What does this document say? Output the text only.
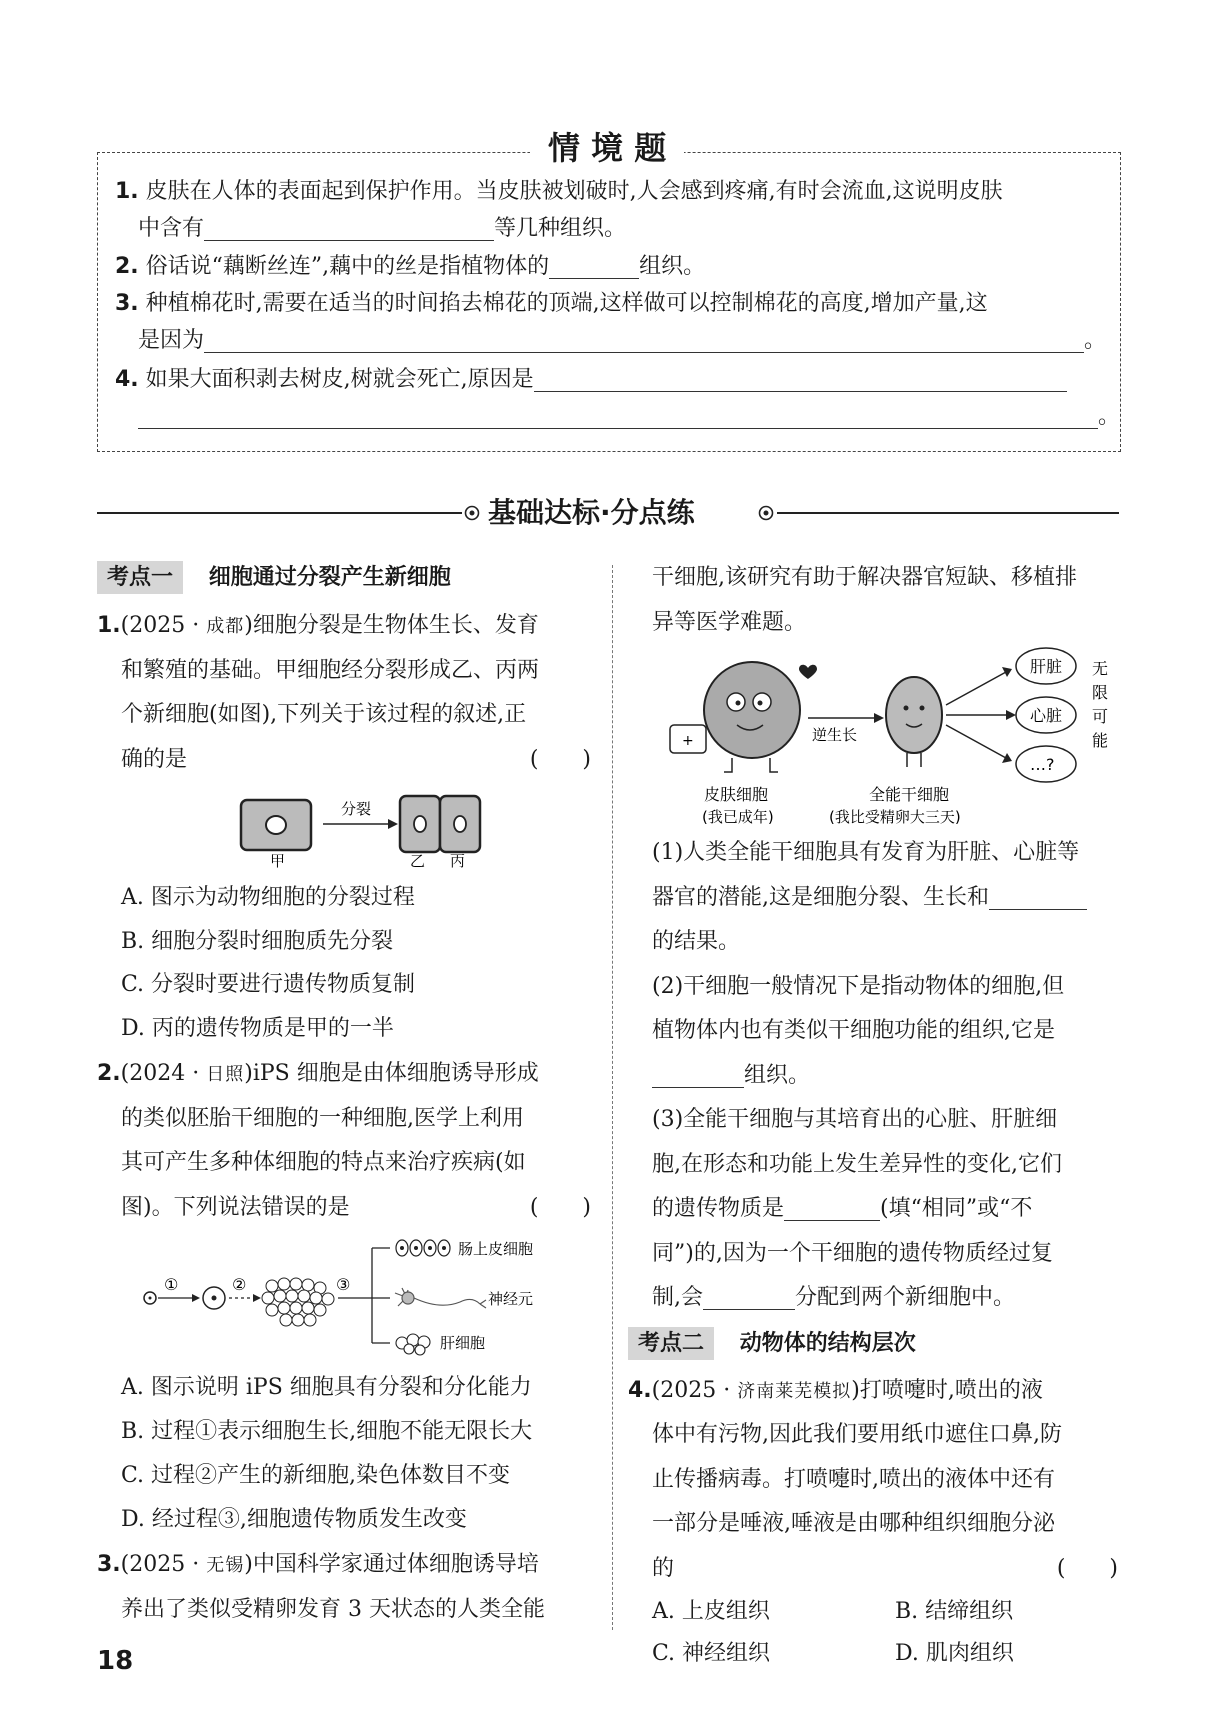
情 境 题
1. 皮肤在人体的表面起到保护作用。当皮肤被划破时,人会感到疼痛,有时会流血,这说明皮肤
中含有	等几种组织。
2. 俗话说“藕断丝连”,藕中的丝是指植物体的	组织。
3. 种植棉花时,需要在适当的时间掐去棉花的顶端,这样做可以控制棉花的高度,增加产量,这
是因为	。
4. 如果大面积剥去树皮,树就会死亡,原因是
。
基础达标·分点练
考点一 细胞通过分裂产生新细胞
1.(2025 · 成都)细胞分裂是生物体生长、发育
和繁殖的基础。甲细胞经分裂形成乙、丙两
个新细胞(如图),下列关于该过程的叙述,正
确的是	(　　)
分裂
甲	乙 丙
A. 图示为动物细胞的分裂过程
B. 细胞分裂时细胞质先分裂
C. 分裂时要进行遗传物质复制
D. 丙的遗传物质是甲的一半
2.(2024 · 日照)iPS 细胞是由体细胞诱导形成
的类似胚胎干细胞的一种细胞,医学上利用
其可产生多种体细胞的特点来治疗疾病(如
图)。下列说法错误的是	(　　)
①	②	③
肠上皮细胞
神经元
肝细胞
A. 图示说明 iPS 细胞具有分裂和分化能力
B. 过程①表示细胞生长,细胞不能无限长大
C. 过程②产生的新细胞,染色体数目不变
D. 经过程③,细胞遗传物质发生改变
3.(2025 · 无锡)中国科学家通过体细胞诱导培
养出了类似受精卵发育 3 天状态的人类全能
干细胞,该研究有助于解决器官短缺、移植排
异等医学难题。
+	逆生长
肝脏
心脏
…?
无
限
可
能
皮肤细胞
(我已成年)
全能干细胞
(我比受精卵大三天)
(1)人类全能干细胞具有发育为肝脏、心脏等
器官的潜能,这是细胞分裂、生长和
的结果。
(2)干细胞一般情况下是指动物体的细胞,但
植物体内也有类似干细胞功能的组织,它是
组织。
(3)全能干细胞与其培育出的心脏、肝脏细
胞,在形态和功能上发生差异性的变化,它们
的遗传物质是	(填“相同”或“不
同”)的,因为一个干细胞的遗传物质经过复
制,会	分配到两个新细胞中。
考点二 动物体的结构层次
4.(2025 · 济南莱芜模拟)打喷嚏时,喷出的液
体中有污物,因此我们要用纸巾遮住口鼻,防
止传播病毒。打喷嚏时,喷出的液体中还有
一部分是唾液,唾液是由哪种组织细胞分泌
的	(　　)
A. 上皮组织	B. 结缔组织
C. 神经组织	D. 肌肉组织
18
